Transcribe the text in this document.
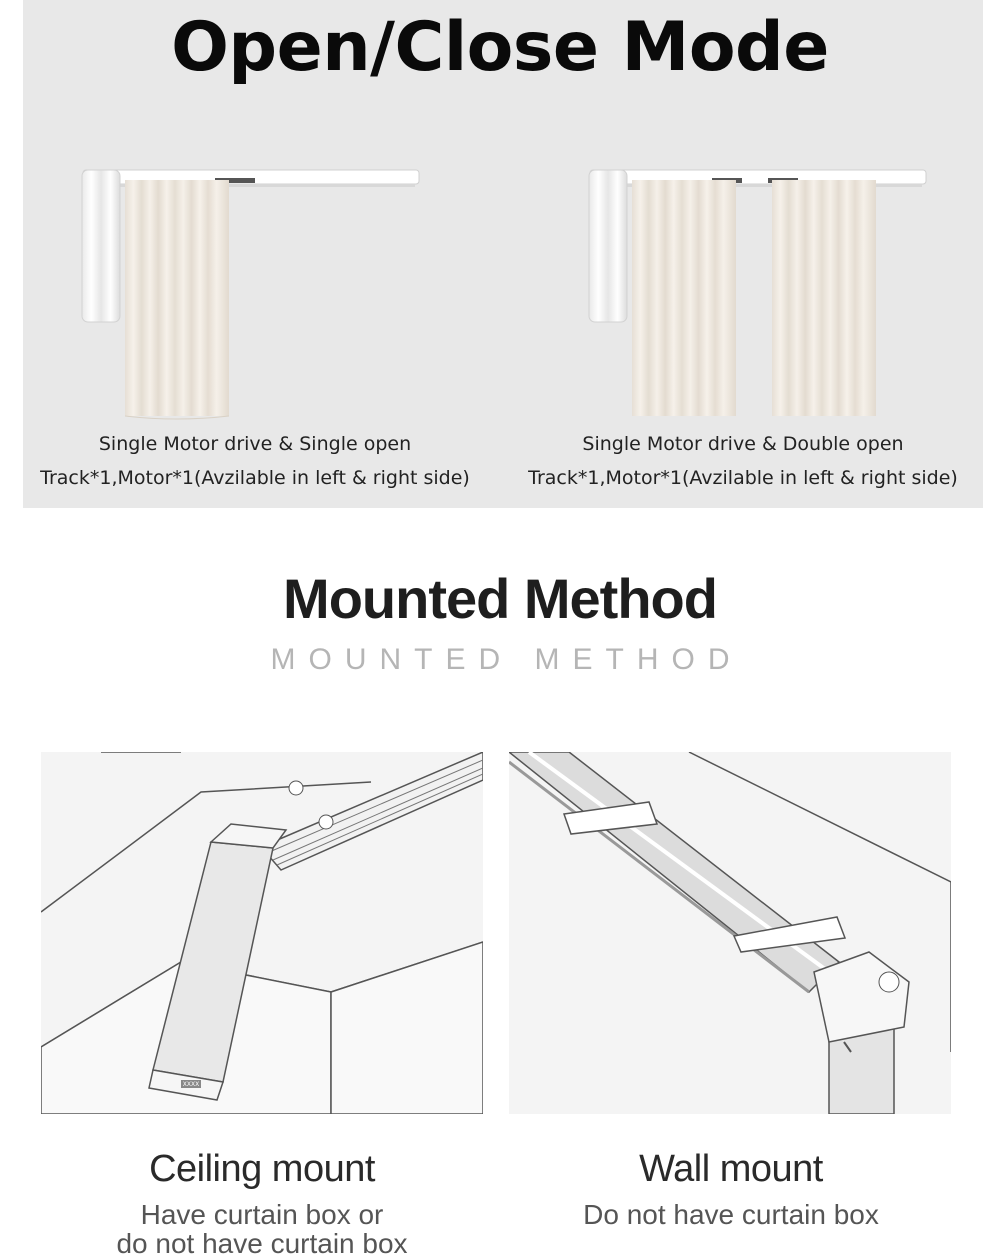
Open/Close Mode
Single Motor drive & Single open
Track*1,Motor*1(Avzilable in left & right side)
Single Motor drive & Double open
Track*1,Motor*1(Avzilable in left & right side)
Mounted Method
MOUNTED METHOD
XXXX
Ceiling mount
Have curtain box or
do not have curtain box
Wall mount
Do not have curtain box
